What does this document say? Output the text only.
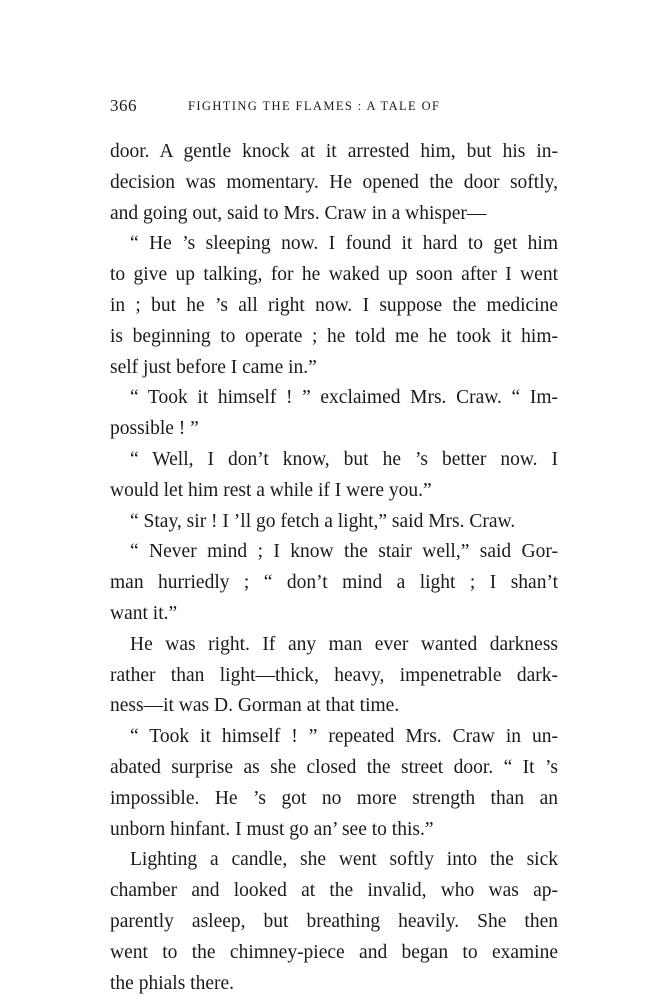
366	FIGHTING THE FLAMES : A TALE OF
door. A gentle knock at it arrested him, but his in-
decision was momentary. He opened the door softly,
and going out, said to Mrs. Craw in a whisper—
“ He ’s sleeping now. I found it hard to get him
to give up talking, for he waked up soon after I went
in ; but he ’s all right now. I suppose the medicine
is beginning to operate ; he told me he took it him-
self just before I came in.”
“ Took it himself ! ” exclaimed Mrs. Craw. “ Im-
possible ! ”
“ Well, I don’t know, but he ’s better now. I
would let him rest a while if I were you.”
“ Stay, sir ! I ’ll go fetch a light,” said Mrs. Craw.
“ Never mind ; I know the stair well,” said Gor-
man hurriedly ; “ don’t mind a light ; I shan’t
want it.”
He was right. If any man ever wanted darkness
rather than light—thick, heavy, impenetrable dark-
ness—it was D. Gorman at that time.
“ Took it himself ! ” repeated Mrs. Craw in un-
abated surprise as she closed the street door. “ It ’s
impossible. He ’s got no more strength than an
unborn hinfant. I must go an’ see to this.”
Lighting a candle, she went softly into the sick
chamber and looked at the invalid, who was ap-
parently asleep, but breathing heavily. She then
went to the chimney-piece and began to examine
the phials there.
